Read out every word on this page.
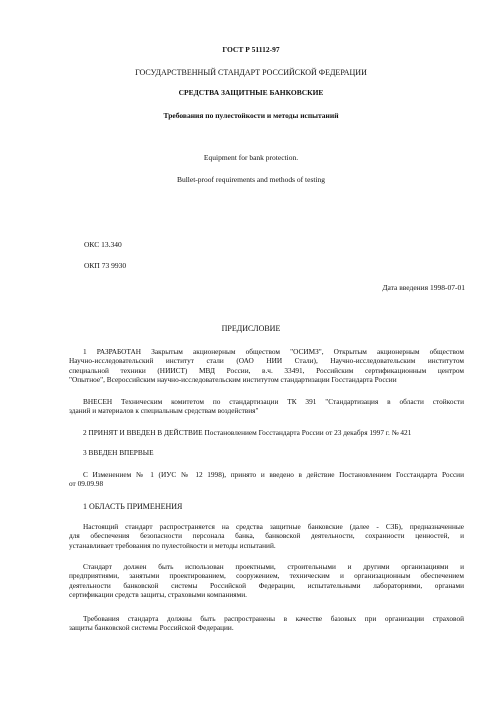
ГОСТ Р 51112-97
ГОСУДАРСТВЕННЫЙ СТАНДАРТ РОССИЙСКОЙ ФЕДЕРАЦИИ
СРЕДСТВА ЗАЩИТНЫЕ БАНКОВСКИЕ
Требования по пулестойкости и методы испытаний
Equipment for bank protection.
Bullet-proof requirements and methods of testing
ОКС 13.340
ОКП 73 9930
Дата введения 1998-07-01
ПРЕДИСЛОВИЕ
1 РАЗРАБОТАН Закрытым акционерным обществом "ОСИМЗ", Открытым акционерным обществом
Научно-исследовательский институт стали (ОАО НИИ Стали), Научно-исследовательским институтом
специальной техники (НИИСТ) МВД России, в.ч. 33491, Российским сертификационным центром
"Опытное", Всероссийским научно-исследовательским институтом стандартизации Госстандарта России
ВНЕСЕН Техническим комитетом по стандартизации ТК 391 "Стандартизация в области стойкости
зданий и материалов к специальным средствам воздействия"
2 ПРИНЯТ И ВВЕДЕН В ДЕЙСТВИЕ Постановлением Госстандарта России от 23 декабря 1997 г. № 421
3 ВВЕДЕН ВПЕРВЫЕ
С Изменением № 1 (ИУС № 12 1998), принято и введено в действие Постановлением Госстандарта России
от 09.09.98
1 ОБЛАСТЬ ПРИМЕНЕНИЯ
Настоящий стандарт распространяется на средства защитные банковские (далее - СЗБ), предназначенные
для обеспечения безопасности персонала банка, банковской деятельности, сохранности ценностей, и
устанавливает требования по пулестойкости и методы испытаний.
Стандарт должен быть использован проектными, строительными и другими организациями и
предприятиями, занятыми проектированием, сооружением, техническим и организационным обеспечением
деятельности банковской системы Российской Федерации, испытательными лабораториями, органами
сертификации средств защиты, страховыми компаниями.
Требования стандарта должны быть распространены в качестве базовых при организации страховой
защиты банковской системы Российской Федерации.
